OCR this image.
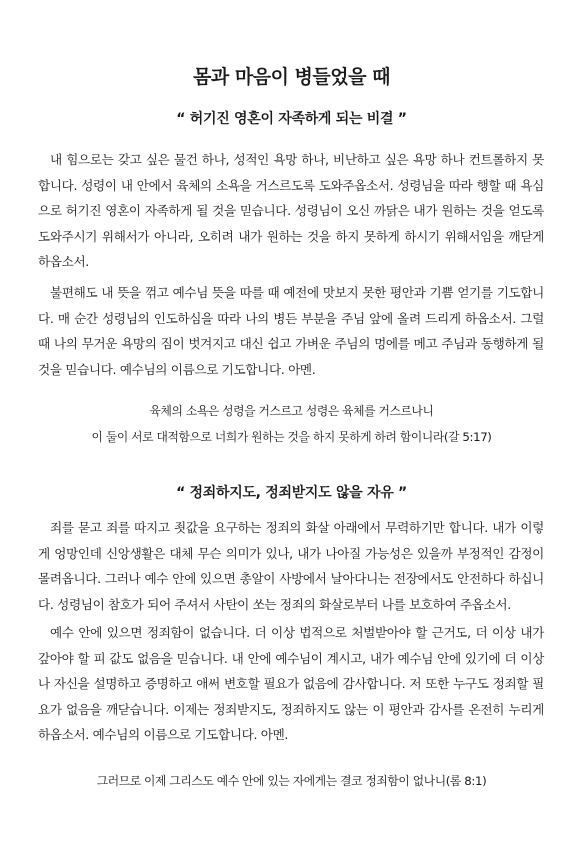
몸과 마음이 병들었을 때
“ 허기진 영혼이 자족하게 되는 비결 ”

내 힘으로는 갖고 싶은 물건 하나, 성적인 욕망 하나, 비난하고 싶은 욕망 하나 컨트롤하지 못합니다. 성령이 내 안에서 육체의 소욕을 거스르도록 도와주옵소서. 성령님을 따라 행할 때 욕심으로 허기진 영혼이 자족하게 될 것을 믿습니다. 성령님이 오신 까닭은 내가 원하는 것을 얻도록 도와주시기 위해서가 아니라, 오히려 내가 원하는 것을 하지 못하게 하시기 위해서임을 깨닫게 하옵소서.

불편해도 내 뜻을 꺾고 예수님 뜻을 따를 때 예전에 맛보지 못한 평안과 기쁨 얻기를 기도합니다. 매 순간 성령님의 인도하심을 따라 나의 병든 부분을 주님 앞에 올려 드리게 하옵소서. 그럴 때 나의 무거운 욕망의 짐이 벗겨지고 대신 쉽고 가벼운 주님의 멍에를 메고 주님과 동행하게 될 것을 믿습니다. 예수님의 이름으로 기도합니다. 아멘.

육체의 소욕은 성령을 거스르고 성령은 육체를 거스르나니
이 둘이 서로 대적함으로 너희가 원하는 것을 하지 못하게 하려 함이니라(갈 5:17)
“ 정죄하지도, 정죄받지도 않을 자유 ”

죄를 묻고 죄를 따지고 죗값을 요구하는 정죄의 화살 아래에서 무력하기만 합니다. 내가 이렇게 엉망인데 신앙생활은 대체 무슨 의미가 있나, 내가 나아질 가능성은 있을까 부정적인 감정이 몰려옵니다. 그러나 예수 안에 있으면 총알이 사방에서 날아다니는 전장에서도 안전하다 하십니다. 성령님이 참호가 되어 주셔서 사탄이 쏘는 정죄의 화살로부터 나를 보호하여 주옵소서.

예수 안에 있으면 정죄함이 없습니다. 더 이상 법적으로 처벌받아야 할 근거도, 더 이상 내가 갚아야 할 피 값도 없음을 믿습니다. 내 안에 예수님이 계시고, 내가 예수님 안에 있기에 더 이상 나 자신을 설명하고 증명하고 애써 변호할 필요가 없음에 감사합니다. 저 또한 누구도 정죄할 필요가 없음을 깨닫습니다. 이제는 정죄받지도, 정죄하지도 않는 이 평안과 감사를 온전히 누리게 하옵소서. 예수님의 이름으로 기도합니다. 아멘.

그러므로 이제 그리스도 예수 안에 있는 자에게는 결코 정죄함이 없나니(롬 8:1)
